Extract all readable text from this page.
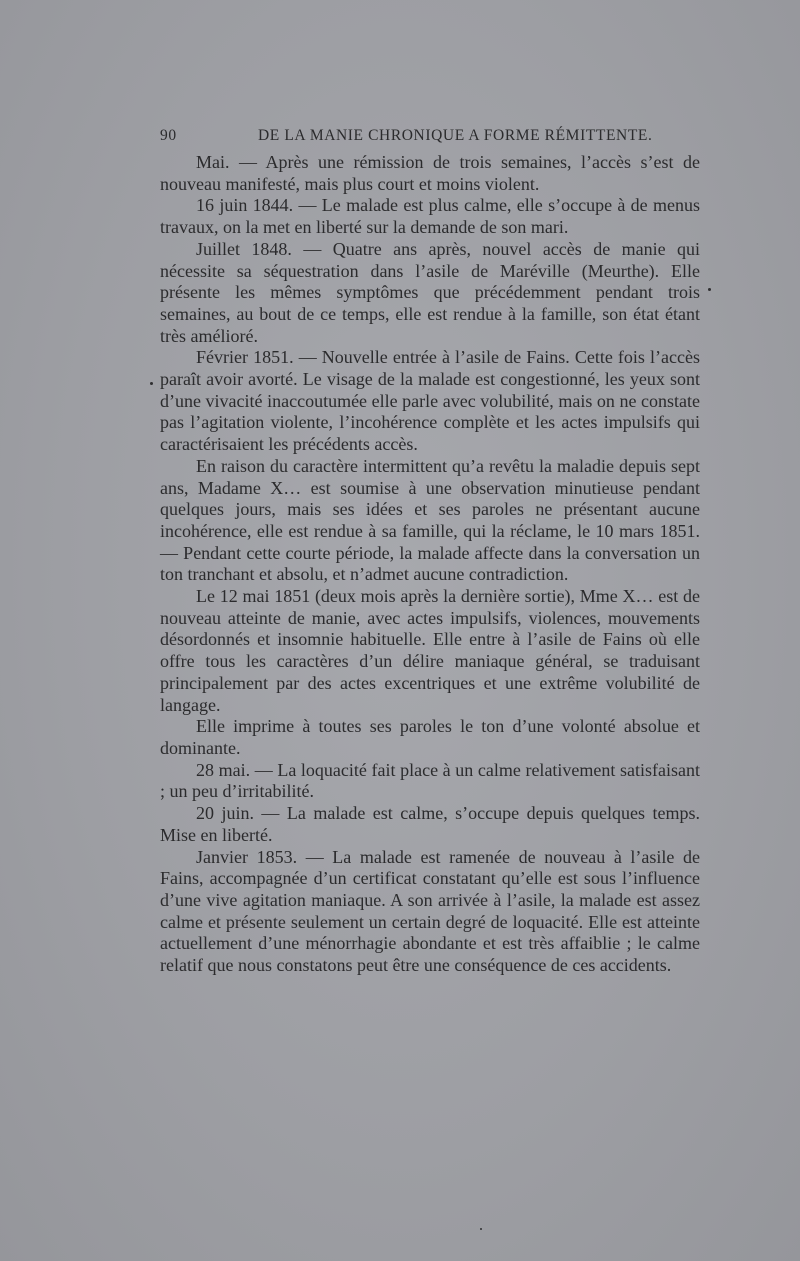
90	DE LA MANIE CHRONIQUE A FORME RÉMITTENTE.

Mai. — Après une rémission de trois semaines, l’accès s’est de nouveau manifesté, mais plus court et moins violent.

16 juin 1844. — Le malade est plus calme, elle s’occupe à de menus travaux, on la met en liberté sur la demande de son mari.

Juillet 1848. — Quatre ans après, nouvel accès de manie qui nécessite sa séquestration dans l’asile de Maréville (Meurthe). Elle présente les mêmes symptômes que précédemment pendant trois semaines, au bout de ce temps, elle est rendue à la famille, son état étant très amélioré.

Février 1851. — Nouvelle entrée à l’asile de Fains. Cette fois l’accès paraît avoir avorté. Le visage de la malade est congestionné, les yeux sont d’une vivacité inaccoutumée elle parle avec volubilité, mais on ne constate pas l’agitation violente, l’incohérence complète et les actes impulsifs qui caractérisaient les précédents accès.

En raison du caractère intermittent qu’a revêtu la maladie depuis sept ans, Madame X… est soumise à une observation minutieuse pendant quelques jours, mais ses idées et ses paroles ne présentant aucune incohérence, elle est rendue à sa famille, qui la réclame, le 10 mars 1851. — Pendant cette courte période, la malade affecte dans la conversation un ton tranchant et absolu, et n’admet aucune contradiction.

Le 12 mai 1851 (deux mois après la dernière sortie), Mme X… est de nouveau atteinte de manie, avec actes impulsifs, violences, mouvements désordonnés et insomnie habituelle. Elle entre à l’asile de Fains où elle offre tous les caractères d’un délire maniaque général, se traduisant principalement par des actes excentriques et une extrême volubilité de langage.

Elle imprime à toutes ses paroles le ton d’une volonté absolue et dominante.

28 mai. — La loquacité fait place à un calme relativement satisfaisant ; un peu d’irritabilité.

20 juin. — La malade est calme, s’occupe depuis quelques temps. Mise en liberté.

Janvier 1853. — La malade est ramenée de nouveau à l’asile de Fains, accompagnée d’un certificat constatant qu’elle est sous l’influence d’une vive agitation maniaque. A son arrivée à l’asile, la malade est assez calme et présente seulement un certain degré de loquacité. Elle est atteinte actuellement d’une ménorrhagie abondante et est très affaiblie ; le calme relatif que nous constatons peut être une conséquence de ces accidents.
